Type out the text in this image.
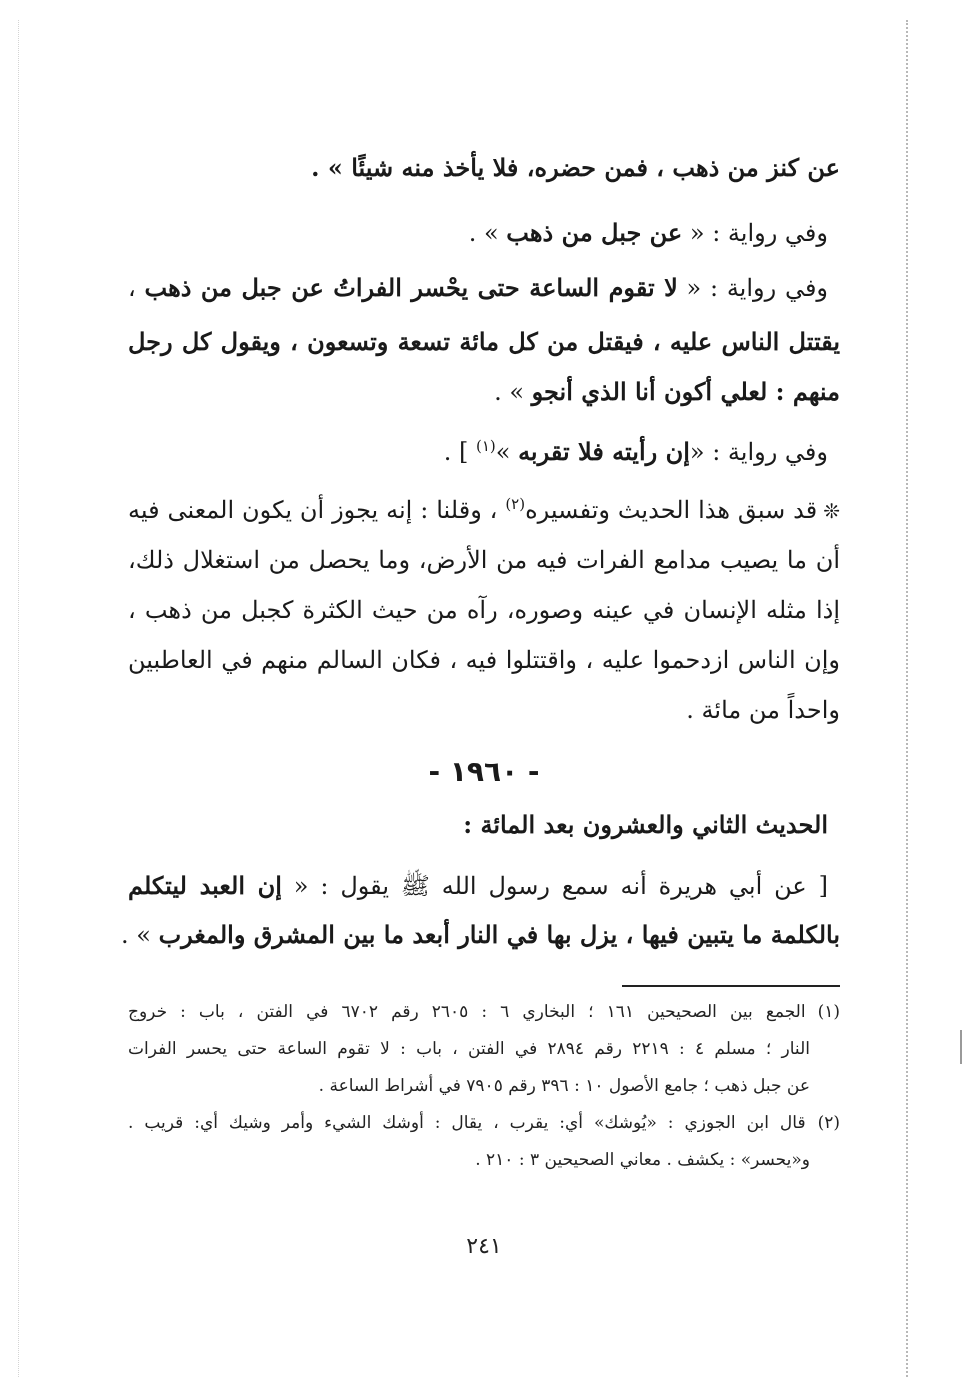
عن كنز من ذهب ، فمن حضره، فلا يأخذ منه شيئًا » .
وفي رواية : « عن جبل من ذهب » .
وفي رواية : « لا تقوم الساعة حتى يحْسر الفراتُ عن جبل من ذهب ،
يقتتل الناس عليه ، فيقتل من كل مائة تسعة وتسعون ، ويقول كل رجل
منهم : لعلي أكون أنا الذي أنجو » .
وفي رواية : «إن رأيته فلا تقربه »$^{(١)}$ ] .
❊قد سبق هذا الحديث وتفسيره$^{(٢)}$ ، وقلنا : إنه يجوز أن يكون المعنى فيه
أن ما يصيب مدامع الفرات فيه من الأرض، وما يحصل من استغلال ذلك،
إذا مثله الإنسان في عينه وصوره، رآه من حيث الكثرة كجبل من ذهب ،
وإن الناس ازدحموا عليه ، واقتتلوا فيه ، فكان السالم منهم في العاطبين
واحداً من مائة .
- ١٩٦٠ -
الحديث الثاني والعشرون بعد المائة :
[ عن أبي هريرة أنه سمع رسول الله ﷺ يقول : « إن العبد ليتكلم
بالكلمة ما يتبين فيها ، يزل بها في النار أبعد ما بين المشرق والمغرب » .
(١)الجمع بين الصحيحين ١٦١ ؛ البخاري ٦ : ٢٦٠٥ رقم ٦٧٠٢ في الفتن ، باب : خروج
النار ؛ مسلم ٤ : ٢٢١٩ رقم ٢٨٩٤ في الفتن ، باب : لا تقوم الساعة حتى يحسر الفرات
عن جبل ذهب ؛ جامع الأصول ١٠ : ٣٩٦ رقم ٧٩٠٥ في أشراط الساعة .
(٢)قال ابن الجوزي : «يُوشك» أي: يقرب ، يقال : أوشك الشيء وأمر وشيك أي: قريب .
و«يحسر» : يكشف . معاني الصحيحين ٣ : ٢١٠ .
٢٤١
